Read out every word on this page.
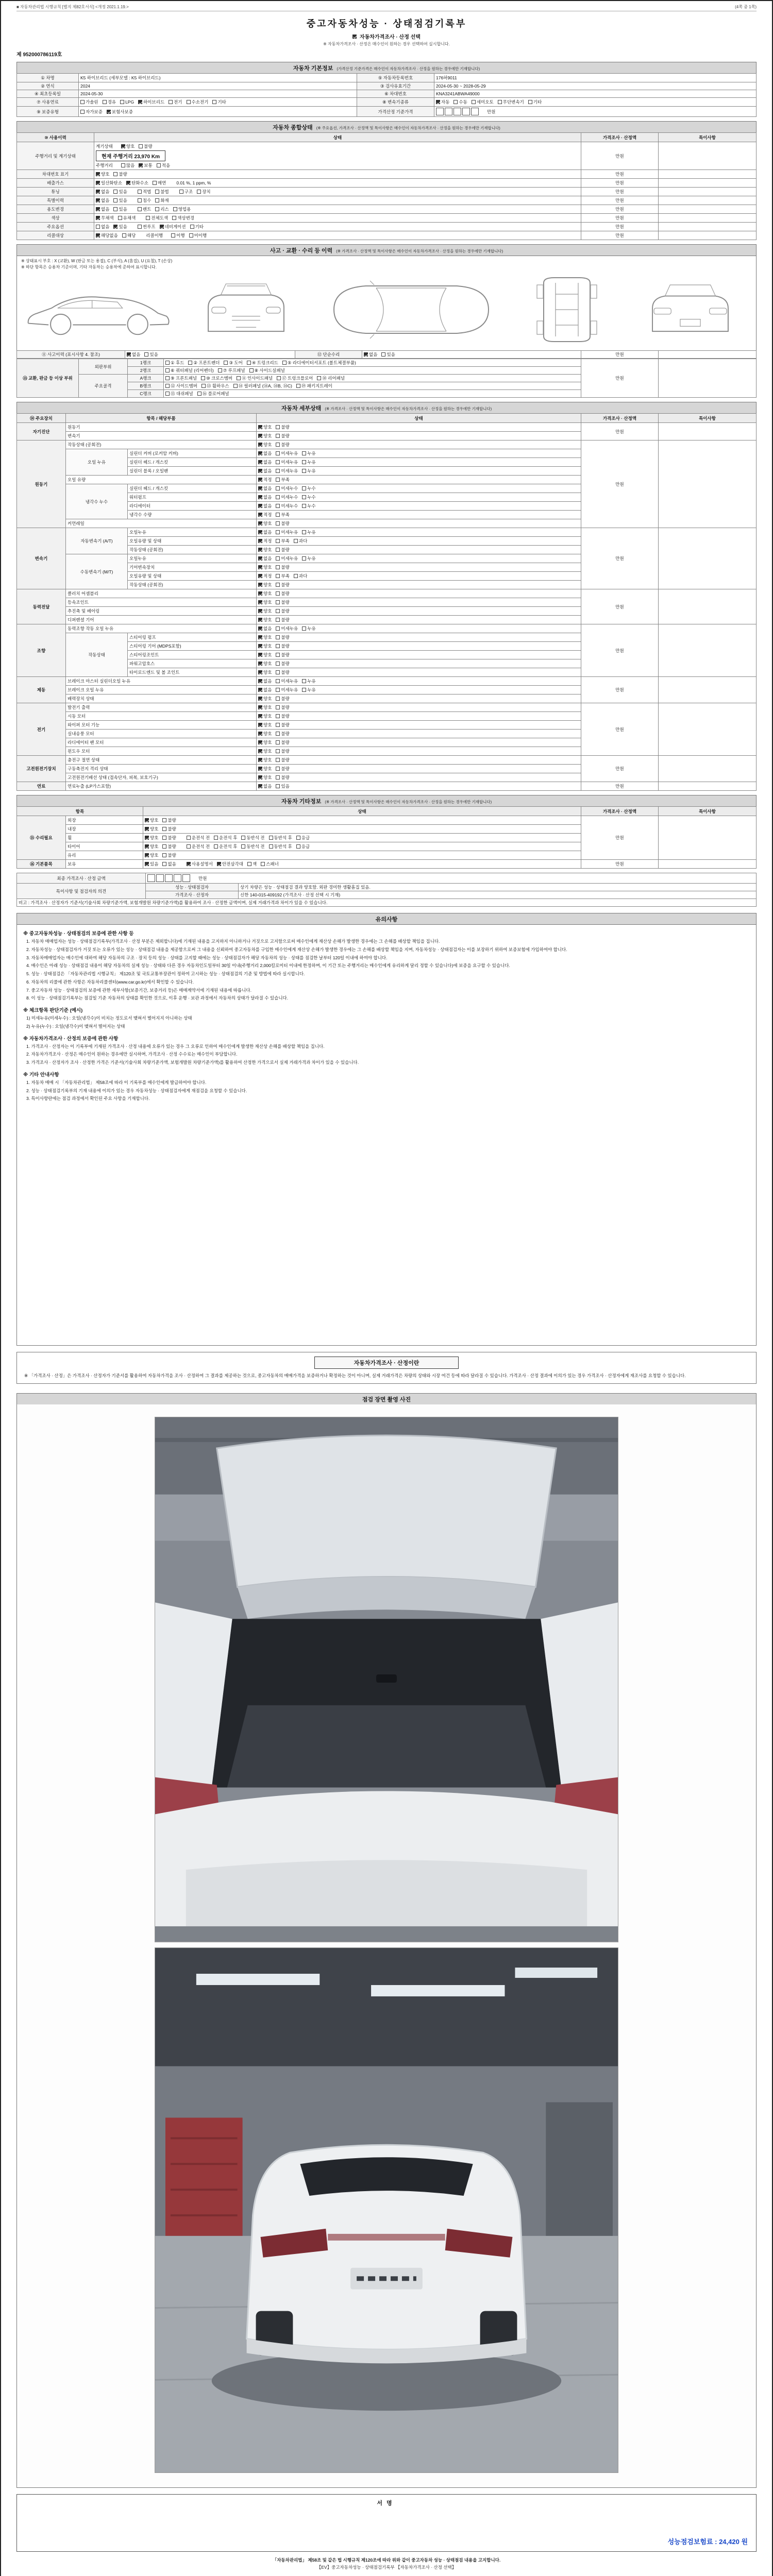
■ 자동차관리법 시행규칙 [별지 제82호서식] <개정 2021.1.19.>	(4쪽 중 1쪽)
중고자동차성능 · 상태점검기록부
자동차가격조사 · 산정 선택
※ 자동차가격조사 · 산정은 매수인이 원하는 경우 선택하여 실시합니다.
제 952000786119호
자동차 기본정보 (가격산정 기준가격은 매수인이 자동차가격조사 · 산정을 원하는 경우에만 기재합니다)
① 차명	K5 하이브리드 (세부모델 : K5 하이브리드)	⑤ 자동차등록번호	176허9011

② 연식	2024	③ 검사유효기간	2024-05-30 ~ 2028-05-29

④ 최초등록일	2024-05-30	⑥ 차대번호	KNA3241ABWA49000

⑦ 사용연료	가솔린 경유 LPG 하이브리드 전기 수소전기 기타	⑧ 변속기종류	자동 수동 세미오토 무단변속기 기타

⑨ 보증유형	자가보증 보험사보증	가격산정 기준가격	만원
자동차 종합상태 (※ 주요옵션, 가격조사 · 산정액 및 특이사항은 매수인이 자동차가격조사 · 산정을 원하는 경우에만 기재합니다)
⑩ 사용이력	상태	가격조사 · 산정액	특이사항
주행거리 및 계기상태	
계기상태	양호 불량
현재 주행거리 23,970 Km
주행거리	많음 보통 적음
	만원	
차대번호 표기	양호 불량	만원	
배출가스	일산화탄소 탄화수소 매연 0.01 %, 1 ppm, %	만원	
튜닝	없음 있음	적법 불법	구조 장치	만원	
특별이력	없음 있음 침수 화재	만원	
용도변경	없음 있음 렌트 리스 영업용	만원	
색상	무채색 유채색 전체도색 색상변경	만원	
주요옵션	없음 있음 썬루프 네비게이션 기타	만원	
리콜대상	해당없음 해당 리콜이행 이행 미이행	만원	
사고 · 교환 · 수리 등 이력 (※ 가격조사 · 산정액 및 특이사항은 매수인이 자동차가격조사 · 산정을 원하는 경우에만 기재합니다)
※ 상태표시 부호 : X (교환), W (판금 또는 용접), C (부식), A (흠집), U (요철), T (손상)
※ 하단 항목은 승용차 기준이며, 기타 자동차는 승용차에 준하여 표시합니다.
⑪ 사고이력 (표시사항 4. 참조)	없음 있음	⑫ 단순수리	없음 있음	만원	
⑬ 교환, 판금 등 이상 부위	외판부위	1랭크	① 후드 ② 프론트펜더 ③ 도어 ④ 트렁크리드 ⑤ 라디에이터서포트 (볼트체결부품)	만원	
		2랭크	⑥ 쿼터패널 (리어펜더) ⑦ 루프패널 ⑧ 사이드실패널		

	주요골격	A랭크	⑨ 프론트패널 ⑩ 크로스멤버 ⑪ 인사이드패널 ⑰ 트렁크플로어 ⑱ 리어패널		

		B랭크	⑫ 사이드멤버 ⑬ 휠하우스 ⑭ 필러패널 (⑭A, ⑭B, ⑭C) ⑲ 패키지트레이		

		C랭크	⑮ 대쉬패널 ⑯ 플로어패널		
자동차 세부상태 (※ 가격조사 · 산정액 및 특이사항은 매수인이 자동차가격조사 · 산정을 원하는 경우에만 기재합니다)
⑭ 주요장치	항목 / 해당부품		상태	가격조사 · 산정액	특이사항
자기진단	원동기		양호 불량	만원	
	변속기		양호 불량		

원동기	작동상태 (공회전)		양호 불량	만원	
	오일 누유	실린더 커버 (로커암 커버)	없음 미세누유 누유		

		실린더 헤드 / 개스킷	없음 미세누유 누유		

		실린더 블록 / 오일팬	없음 미세누유 누유		

	오일 유량		적정 부족		

	냉각수 누수	실린더 헤드 / 개스킷	없음 미세누수 누수		

		워터펌프	없음 미세누수 누수		

		라디에이터	없음 미세누수 누수		

		냉각수 수량	적정 부족		

	커먼레일		양호 불량		

변속기	자동변속기 (A/T)	오일누유	없음 미세누유 누유	만원	
		오일유량 및 상태	적정 부족 과다		

		작동상태 (공회전)	양호 불량		

	수동변속기 (M/T)	오일누유	없음 미세누유 누유		

		기어변속장치	양호 불량		

		오일유량 및 상태	적정 부족 과다		

		작동상태 (공회전)	양호 불량		

동력전달	클러치 어셈블리		양호 불량	만원	
	등속조인트		양호 불량		

	추진축 및 베어링		양호 불량		

	디퍼렌셜 기어		양호 불량		

조향	동력조향 작동 오일 누유		없음 미세누유 누유	만원	
	작동상태	스티어링 펌프	양호 불량		

		스티어링 기어 (MDPS포함)	양호 불량		

		스티어링조인트	양호 불량		

		파워고압호스	양호 불량		

		타이로드엔드 및 볼 조인트	양호 불량		

제동	브레이크 마스터 실린더오일 누유		없음 미세누유 누유	만원	
	브레이크 오일 누유		없음 미세누유 누유		

	배력장치 상태		양호 불량		

전기	발전기 출력		양호 불량	만원	
	시동 모터		양호 불량		

	와이퍼 모터 기능		양호 불량		

	실내송풍 모터		양호 불량		

	라디에이터 팬 모터		양호 불량		

	윈도우 모터		양호 불량		

고전원전기장치	충전구 절연 상태		양호 불량	만원	
	구동축전지 격리 상태		양호 불량		

	고전원전기배선 상태 (접속단자, 피복, 보호기구)		양호 불량		

연료	연료누출 (LP가스포함)		없음 있음	만원	
자동차 기타정보 (※ 가격조사 · 산정액 및 특이사항은 매수인이 자동차가격조사 · 산정을 원하는 경우에만 기재합니다)
항목		상태	가격조사 · 산정액	특이사항
⑮ 수리필요	외장	양호 불량	만원	
	내장	양호 불량		

휠	양호 불량	운전석 전 운전석 후 동반석 전 동반석 후 응급

타이어	양호 불량	운전석 전 운전석 후 동반석 전 동반석 후 응급

	유리	양호 불량		

⑯ 기본품목	보유	있음 없음	사용설명서 안전삼각대 잭 스패너	만원	
최종 가격조사 · 산정 금액	만원	

특이사항 및 점검자의 의견	성능 · 상태점검자	상기 차량은 성능 · 상태점검 결과 양호함. 외판 경미한 생활흠집 있음.
	가격조사 · 산정자	신한 140-015-409192 (가격조사 · 산정 선택 시 기재)
비고 : 가격조사 · 산정자가 기준서(기술사회 차량기준가액, 보험개발원 차량기준가액)를 활용하여 조사 · 산정한 금액이며, 실제 거래가격과 차이가 있을 수 있습니다.		
유의사항
※ 중고자동차성능 · 상태점검의 보증에 관한 사항 등
1. 자동차 매매업자는 성능 · 상태점검기록부(가격조사 · 산정 부분은 제외합니다)에 기재된 내용을 고지하지 아니하거나 거짓으로 고지함으로써 매수인에게 재산상 손해가 발생한 경우에는 그 손해를 배상할 책임을 집니다.
2. 자동차성능 · 상태점검자가 거짓 또는 오류가 있는 성능 · 상태점검 내용을 제공함으로써 그 내용을 신뢰하여 중고자동차를 구입한 매수인에게 재산상 손해가 발생한 경우에는 그 손해를 배상할 책임을 지며, 자동차성능 · 상태점검자는 이를 보장하기 위하여 보증보험에 가입하여야 합니다.
3. 자동차매매업자는 매수인에 대하여 해당 자동차의 구조 · 장치 등의 성능 · 상태를 고지할 때에는 성능 · 상태점검자가 해당 자동차의 성능 · 상태를 점검한 날부터 120일 이내에 하여야 합니다.
4. 매수인은 아래 성능 · 상태점검 내용이 해당 자동차의 실제 성능 · 상태와 다른 경우 자동차인도일부터 30일 이내(주행거리 2,000킬로미터 이내에 한정하며, 이 기간 또는 주행거리는 매수인에게 유리하게 달리 정할 수 있습니다)에 보증을 요구할 수 있습니다.
5. 성능 · 상태점검은 「자동차관리법 시행규칙」 제120조 및 국토교통부장관이 정하여 고시하는 성능 · 상태점검의 기준 및 방법에 따라 실시합니다.
6. 자동차의 리콜에 관한 사항은 자동차리콜센터(www.car.go.kr)에서 확인할 수 있습니다.
7. 중고자동차 성능 · 상태점검의 보증에 관한 세부사항(보증기간, 보증거리 등)은 매매계약서에 기재된 내용에 따릅니다.
8. 이 성능 · 상태점검기록부는 점검일 기준 자동차의 상태를 확인한 것으로, 이후 운행 · 보관 과정에서 자동차의 상태가 달라질 수 있습니다.
※ 체크항목 판단기준 (예시)
1) 미세누유(미세누수) : 오일(냉각수)이 비치는 정도로서 맺혀서 떨어지지 아니하는 상태
2) 누유(누수) : 오일(냉각수)이 맺혀서 떨어지는 상태
※ 자동차가격조사 · 산정의 보증에 관한 사항
1. 가격조사 · 산정자는 이 기록부에 기재된 가격조사 · 산정 내용에 오류가 있는 경우 그 오류로 인하여 매수인에게 발생한 재산상 손해를 배상할 책임을 집니다.
2. 자동차가격조사 · 산정은 매수인이 원하는 경우에만 실시하며, 가격조사 · 산정 수수료는 매수인이 부담합니다.
3. 가격조사 · 산정자가 조사 · 산정한 가격은 기준서(기술사회 차량기준가액, 보험개발원 차량기준가액)를 활용하여 산정한 가격으로서 실제 거래가격과 차이가 있을 수 있습니다.
※ 기타 안내사항
1. 자동차 매매 시 「자동차관리법」 제58조에 따라 이 기록부를 매수인에게 발급하여야 합니다.
2. 성능 · 상태점검기록부의 기재 내용에 이의가 있는 경우 자동차성능 · 상태점검자에게 재점검을 요청할 수 있습니다.
3. 특이사항란에는 점검 과정에서 확인된 주요 사항을 기재합니다.
자동차가격조사 · 산정이란
※ 「가격조사 · 산정」은 가격조사 · 산정자가 기준서를 활용하여 자동차가격을 조사 · 산정하여 그 결과를 제공하는 것으로, 중고자동차의 매매가격을 보증하거나 확정하는 것이 아니며, 실제 거래가격은 차량의 상태와 시장 여건 등에 따라 달라질 수 있습니다. 가격조사 · 산정 결과에 이의가 있는 경우 가격조사 · 산정자에게 재조사를 요청할 수 있습니다.
점검 장면 촬영 사진
서명
성능점검보험료 : 24,420 원
「자동차관리법」 제58조 및 같은 법 시행규칙 제120조에 따라 위와 같이 중고자동차 성능 · 상태점검 내용을 고지합니다.
【EV】중고자동차성능 · 상태점검기록부 【자동차가격조사 · 산정 선택】
